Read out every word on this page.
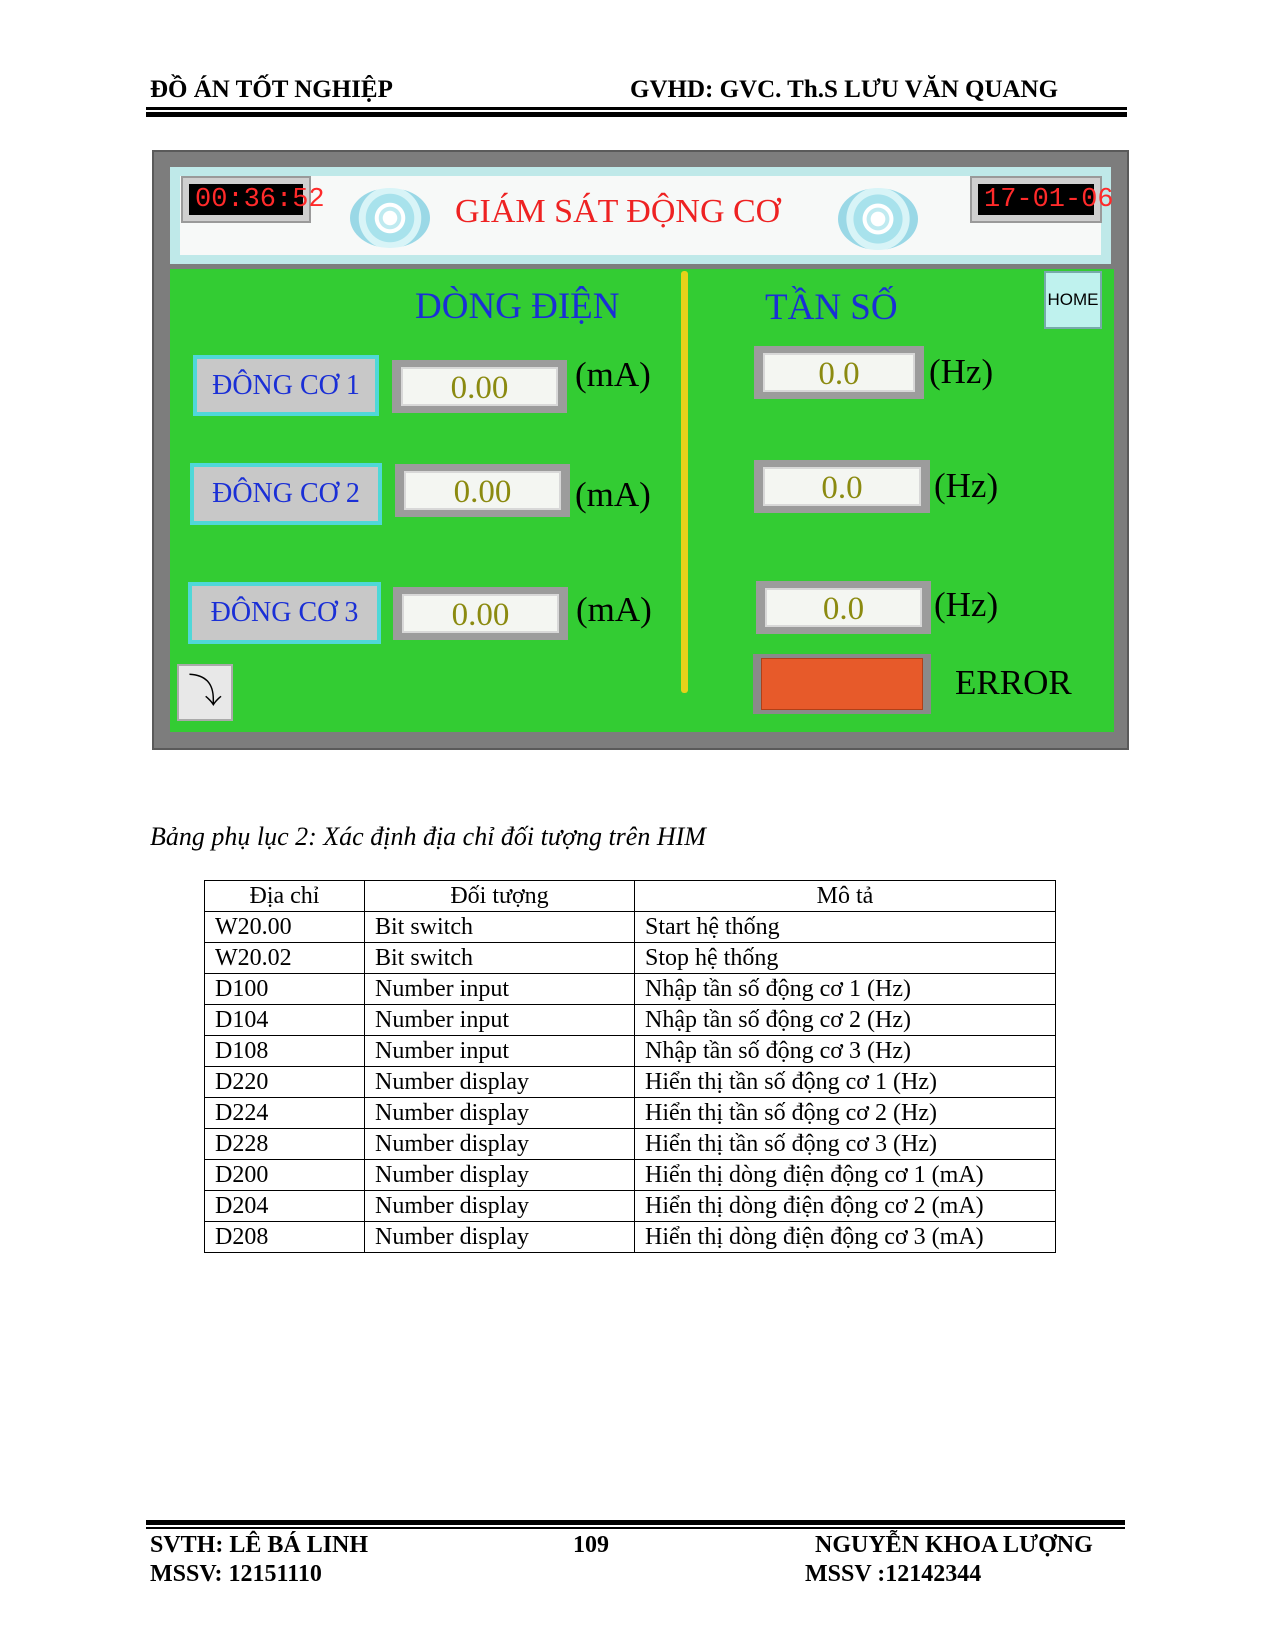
ĐỒ ÁN TỐT NGHIỆP	GVHD: GVC. Th.S LƯU VĂN QUANG
00:36:52	17-01-06
GIÁM SÁT ĐỘNG CƠ
DÒNG ĐIỆN	TẦN SỐ	HOME
ĐÔNG CƠ 1	0.00	(mA)	0.0	(Hz)
ĐÔNG CƠ 2	0.00	(mA)	0.0	(Hz)
ĐÔNG CƠ 3	0.00	(mA)	0.0	(Hz)
⤵	ERROR
Bảng phụ lục 2: Xác định địa chỉ đối tượng trên HIM
Địa chỉ	Đối tượng	Mô tả
W20.00	Bit switch	Start hệ thống
W20.02	Bit switch	Stop hệ thống
D100	Number input	Nhập tần số động cơ 1 (Hz)
D104	Number input	Nhập tần số động cơ 2 (Hz)
D108	Number input	Nhập tần số động cơ 3 (Hz)
D220	Number display	Hiển thị tần số động cơ 1 (Hz)
D224	Number display	Hiển thị tần số động cơ 2 (Hz)
D228	Number display	Hiển thị tần số động cơ 3 (Hz)
D200	Number display	Hiển thị dòng điện động cơ 1 (mA)
D204	Number display	Hiển thị dòng điện động cơ 2 (mA)
D208	Number display	Hiển thị dòng điện động cơ 3 (mA)
SVTH: LÊ BÁ LINH
MSSV: 12151110
109	NGUYỄN KHOA LƯỢNG
MSSV :12142344
